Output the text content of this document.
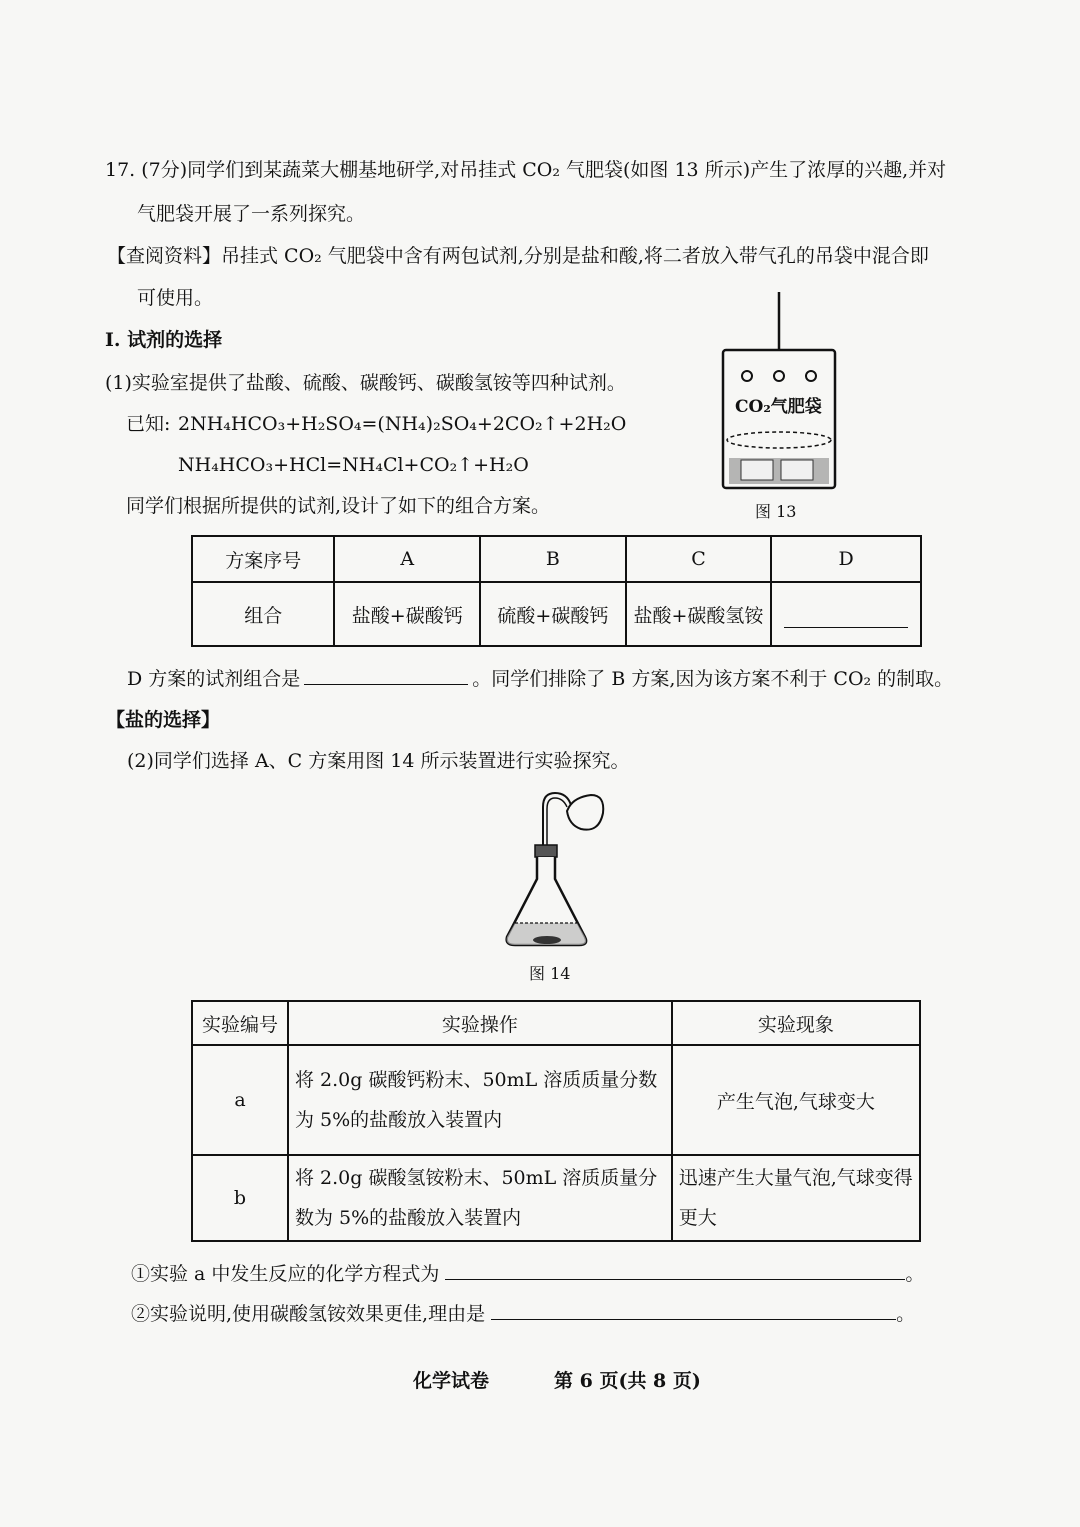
17. (7分)同学们到某蔬菜大棚基地研学,对吊挂式 CO₂ 气肥袋(如图 13 所示)产生了浓厚的兴趣,并对
气肥袋开展了一系列探究。
【查阅资料】吊挂式 CO₂ 气肥袋中含有两包试剂,分别是盐和酸,将二者放入带气孔的吊袋中混合即
可使用。
I. 试剂的选择
(1)实验室提供了盐酸、硫酸、碳酸钙、碳酸氢铵等四种试剂。
已知: 2NH₄HCO₃+H₂SO₄=(NH₄)₂SO₄+2CO₂↑+2H₂O
NH₄HCO₃+HCl=NH₄Cl+CO₂↑+H₂O
同学们根据所提供的试剂,设计了如下的组合方案。
CO₂气肥袋
图 13
方案序号	A	B	C	D
组合	盐酸+碳酸钙	硫酸+碳酸钙	盐酸+碳酸氢铵	
D 方案的试剂组合是	。同学们排除了 B 方案,因为该方案不利于 CO₂ 的制取。
【盐的选择】
(2)同学们选择 A、C 方案用图 14 所示装置进行实验探究。
图 14
实验编号	实验操作	实验现象
a	将 2.0g 碳酸钙粉末、50mL 溶质质量分数为 5%的盐酸放入装置内	产生气泡,气球变大
b	将 2.0g 碳酸氢铵粉末、50mL 溶质质量分数为 5%的盐酸放入装置内	迅速产生大量气泡,气球变得更大
①实验 a 中发生反应的化学方程式为	。
②实验说明,使用碳酸氢铵效果更佳,理由是	。
化学试卷	第 6 页(共 8 页)
